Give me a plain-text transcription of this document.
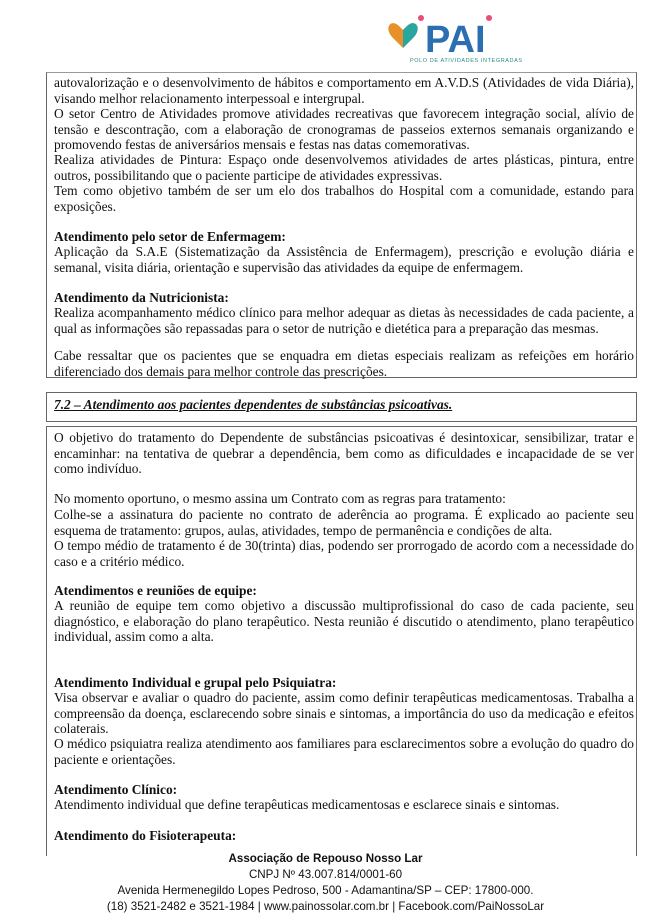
PAI
POLO DE ATIVIDADES INTEGRADAS

autovalorização e o desenvolvimento de hábitos e comportamento em A.V.D.S (Atividades de vida Diária), visando melhor relacionamento interpessoal e intergrupal.

O setor Centro de Atividades promove atividades recreativas que favorecem integração social, alívio de tensão e descontração, com a elaboração de cronogramas de passeios externos semanais organizando e promovendo festas de aniversários mensais e festas nas datas comemorativas.

Realiza atividades de Pintura: Espaço onde desenvolvemos atividades de artes plásticas, pintura, entre outros, possibilitando que o paciente participe de atividades expressivas.

Tem como objetivo também de ser um elo dos trabalhos do Hospital com a comunidade, estando para exposições.

Atendimento pelo setor de Enfermagem:

Aplicação da S.A.E (Sistematização da Assistência de Enfermagem), prescrição e evolução diária e semanal, visita diária, orientação e supervisão das atividades da equipe de enfermagem.

Atendimento da Nutricionista:

Realiza acompanhamento médico clínico para melhor adequar as dietas às necessidades de cada paciente, a qual as informações são repassadas para o setor de nutrição e dietética para a preparação das mesmas.

Cabe ressaltar que os pacientes que se enquadra em dietas especiais realizam as refeições em horário diferenciado dos demais para melhor controle das prescrições.

7.2 – Atendimento aos pacientes dependentes de substâncias psicoativas.

O objetivo do tratamento do Dependente de substâncias psicoativas é desintoxicar, sensibilizar, tratar e encaminhar: na tentativa de quebrar a dependência, bem como as dificuldades e incapacidade de se ver como indivíduo.

No momento oportuno, o mesmo assina um Contrato com as regras para tratamento:

Colhe-se a assinatura do paciente no contrato de aderência ao programa. É explicado ao paciente seu esquema de tratamento: grupos, aulas, atividades, tempo de permanência e condições de alta.

O tempo médio de tratamento é de 30(trinta) dias, podendo ser prorrogado de acordo com a necessidade do caso e a critério médico.

Atendimentos e reuniões de equipe:

A reunião de equipe tem como objetivo a discussão multiprofissional do caso de cada paciente, seu diagnóstico, e elaboração do plano terapêutico. Nesta reunião é discutido o atendimento, plano terapêutico individual, assim como a alta.

Atendimento Individual e grupal pelo Psiquiatra:

Visa observar e avaliar o quadro do paciente, assim como definir terapêuticas medicamentosas. Trabalha a compreensão da doença, esclarecendo sobre sinais e sintomas, a importância do uso da medicação e efeitos colaterais.

O médico psiquiatra realiza atendimento aos familiares para esclarecimentos sobre a evolução do quadro do paciente e orientações.

Atendimento Clínico:

Atendimento individual que define terapêuticas medicamentosas e esclarece sinais e sintomas.

Atendimento do Fisioterapeuta:

Associação de Repouso Nosso Lar
CNPJ Nº 43.007.814/0001-60
Avenida Hermenegildo Lopes Pedroso, 500 - Adamantina/SP – CEP: 17800-000.
(18) 3521-2482 e 3521-1984 | www.painossolar.com.br | Facebook.com/PaiNossoLar
